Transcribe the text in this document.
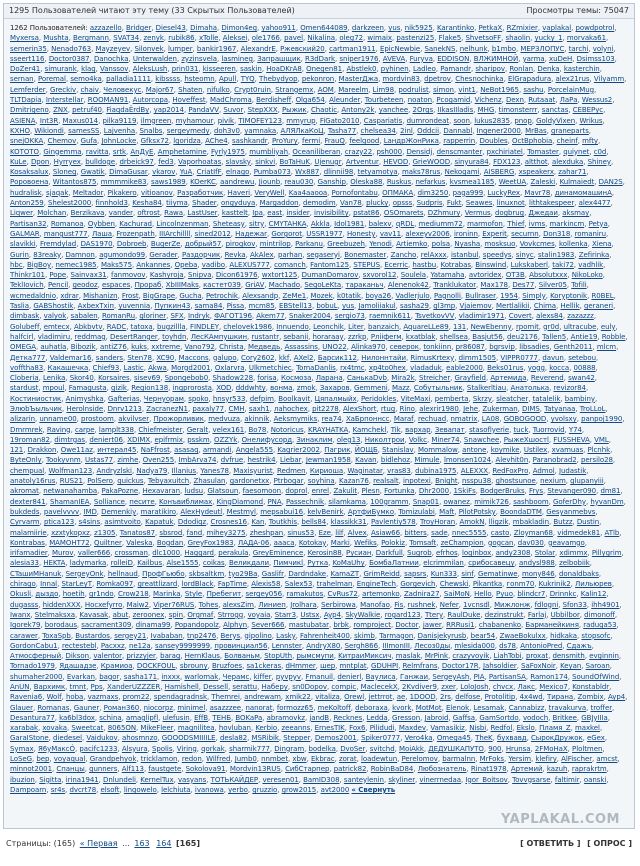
1295 Пользователей читают эту тему (33 Скрытых Пользователей)	Просмотры темы: 75047
1262 Пользователей: azzazello, Bridger, Diesel43, Dimaha, Dimon4eg, yahoo911, Omen644089, darkzeen, yus, nik5925, Karantinko, PetkaX, RZmixier, vaplakal, powdpotrol, Myxersa, Mushta, Bergmann, SVAT34, zenyk, rubik86, xTolle, Aleksei, ole1766, pavel, Nikalina, oleg72, wimaix, pastenzi25, Flake5, ShvetsoFF, shaolin, yucky_1, morvaka61, semerin35, Nenado763, Mayzeyev, Silonvek, lumper, bankir1967, AlexandrE, Pжевский20, cartman1911, EpicNewbie, SanekNS, nelhunk, b1mbo, MEPЗЛОПУС, tarchi, volyni, sseert116, Doctor0387, Danochka, Unterwalden, zyzinsvela, lasmineg, Запрашщик, R3dDark, sniper1976, AVEVA, Furyva, EDDISON, ВЛЖИМНОЙ, yarma, xuDeH, Dsimss103, DoZer41, simurank, klag, Vanssov, AleksLush, prin031, kisseeren, saskin, HoaDKrA8, Onegen81, Abstlek0, pyhinen, Ladleo, Pamandr, sharipov, Ronlan, Denka, kasterchin, sernan, Poremal, semo4ka, palladia1111, kibssss, hsteomn, Apull, TYQ, Thebydyop, pekonron, MasterДжa, mordvin83, dpetrov, Chesnochinka, ElGrapadura, alex21rus, Vilyamm, Lemferder, Greckiv, chaiv, Человекус, Major67, Shaten, nifulko, Crypt0ruin, Strangemx, AOM, Mareelm, Lim98, podrulist, simon, vint1, NeBot1965, sashu, PorcelainMug, TLTDaрia, Interstellar, ROOMAN91, Autorcopa, Hoveffest, MadChroma, Berdisheff, Olga654, Aleunder, Tourbeteen, noaton, Pcogamid, Vichenz, Dexn, Rutaaat, ЛаРа, Wessus2, Dmitrigeno, ZNX, petruf40, FiaqdaЁrdBy, yap2014, PandaVV, Suvor, StepXXX, Pыжик, Chaotic, Antony2k, yanchee, 2Orgs, IIkasIIladis, MHG, timonsterrr, sanctas, CEBEPyc, ASIENA, Int3R, Maxus014, pilka9119, ilmgreen, myhamour, pivik, TIMOFEY123, mmyrup, FiGato2010, Caspariatis, dumrondeat, soon, lukus2835, pnop, GoldyVixen, Wrikus, KXHO, Wikiondi, samesSS, Lajvenha, Snalbs, sergeymedy, doh3v0, yamnaka, АЛЯЛкаКоЦ, Tasha77, chelsea34, 2inl, Oddcii, Dannabl, Ingener2000, MrBas, graneparts, snejOKKA, Chemov, Gufa, JohnLocke, Gfksx72, lgoridza, AChe4, sashkandr, ProYury, fermi, FrauQ, feelgood, LандрЖонРика, rapperrin, Doubles, OctBphobia, cheinf, mfty, KOTOTO, Gingemma, ravitta, srtk, AnДуЕ, Amphetamine, Fyrly1975, mumbliyah, Oceaniliberan, crazy22, psh000, Densidj, denscmanter, pxchiriatel, Tomaster, quiynet, c0d, KuLe, Dpon, Hyrryex, bulldoge, drbeick97, fed3, Vaporhoatas, slavsky, sinkvi, BoTaHuK, Ujenugr, Artventur, HEVOD, GrieWOOD, sinyura84, FDX123, altthot, alexduka, Shiney, Kosaksalux, Sloneg, Gwatik, DimaGusar, vkarov, YuA, CriatIfF, elnago, Pumba073, Wx887, dlinnii98, tetyamotya, maks78rus, Nekogami, AISBERG, xspeakerx, zahar71, Pоровоена, Witantos875, mmmmike83, saws1989, KOerKC, aandrewu, Jiounb, reau030, Ganship, Oleska88, Ruskus, nefarkus, kvsmea1185, WeetUA, Zaleski, Kulmaiedt, DAN2S, hudralisk, sjaqak, Meltador, Pikakero, vitioanov, Разработчик, Haveri, VeryWell, Kaa4aaooa, Pornofontabu, ОПМАКА, dim3250, paga999, LuckyRex, Mavr78, динамомашинА, Anton259, Shelest2000, finnhold3, Kesha84, tiiyma, Shader, ongyduya, Margaddon, demodim, Van78, plucky, opsss, Sudpris, Fukt, Seawes, linuxnot, lithtakespeer, alex4477, Liqwer, Molchan, Berzikava, vander, oftrost, Rawa, LastUser, kasttelt, Ipa, east, insider, invisibility, pstat86, OSOmarets, DZhmury, Vermus, dogbrug, Джедаи, aksmay, Partisan32, Romanoa, Oybben, Kachurad, Lincolnzenman, Sheteasy, sitry, CMYTAHKA, Akkla, Idol1981, balexv, qRDL, mediumm72, marmofon, Thief, ivms, markincm, Petya, GALMAR, mangust777, Лаша, Frozenpath, IIIArchillll, sined2012, Haдежаr, Gorgorot, USSR1977, Honesty, vav11, alexeyv2006, ironinn, Experit, securnn, Don318, romaniru, slavikki, Fremdylad, DAS1970, Dobroeb, BugerZe, добрый57, pirogkov, mintrilop, Parkanu, Greebuzeh, Yenodi, Artiemko, polsa, Nyasha, mosksuo, Vovkcmes, kollenka, Xiena, Gurin, 83reaky, Damnon, agumondo99, Gerader, Раздорчик, Revka, AkAlex, parhan, segaseryi, Bonemaster, Zancho, relAxxx, istanbul, speedys, sinyc, stalin1983, Zefirinka, hbc, BigBoy, nemec1985, Maks575, Ankannes, Opeba, vadibo, ALEXUS777, comanch, Fantom125, STEPUS, Ecerric, hastbu, Kotrabas, Binswind, Lukskaberl, taki72, vadhlik, Thinkr101, Pope, Sainvax31, fanmovov, Kashyroja, Snipva, Dicon61976, wxtort125, DumanDomarov, sxvorol12, Soulela, Yatamaha, avtoridex, OT3B, Absolutxxx, NikoLoko, TeklIovich, Pencil, geodoz, espaces, Прораб, XbIIIMaks, кастет039, GriAV, Machado, SegoLeKta, тараканьч, Alenenok42, Tranklukator, Max178, Des77, Silver05, Tofili, wcmedaldnio, xdrar, Mishanizn, Frost, BigGrape, Gucha, Petrochik, Alexsandp, ZeMe1, Mozek, k0tatik, boya26, Vadlerjulo, Pagnolli, Bullraser, 1954, Simply, Koryptonik, R0BEL, Taslia, GABShostik, АхbехТхіп, yuvennia, Пупкин43, sama84, Pissa, mcm85, EBStell13, bobuL, yus, Jamoliiakul, sasha29, gl3mp, Vjaiemov, Mertlalikii, Chima, Hellik, geraneri, dimbask, valyok, sabalen, RomanRu, gloriner, SFX, Indryk, ФАГОТ196, Akem77, Snaker2004, sergio73, raemnik611, TsvetkovVV, vladimir1971, Covert, alexs84, zazazzz, Golubeff, emtecx, Abkbvtv, RADC, tatoxa, bugzillla, FINDLEY, chelovek1986, Innuendo, Leonchik, Liter, banzaich, AquareLLe89, 131, NewEbenny, rpomit, gr0d, ultracube, euly, halfcirl, vladimiru, reddmag, DesertRanger, toyhdn, ЛесКАмпушкин, rustantr, sebanii, horaraay, zzrkp, Pлiiфеrм, kxatblak, shellsea, Basjut56, deu2176, Tallen5, Antie19, Robble, OMEGA, auhatla, Bibozik, antiZ76, kuks, xxtreme, Vano792, Christa, Медвeдь, Assassins, UNO22, Alinka970, северок, tonkiinn, pr86087, bgrsvip, libsadies, Genth2011, mlcm, Детка777, Valdemar16, sanders, Sten78, XC90, Maccons, galupo, Cory2602, kkf, AXel2, Барсик112, Нилоннтайи, RimusKrtexy, dimm1505, VIPPR0777, davun, setebou, vofftha83, Какашечка, Chief93, Lastic, Akwa, Morgd2001, Oxlarvra, Ulkmetchiec, TomaDanlis, rx4tmc, xp4to0hex, vladaduk, eable2000, Beks01rus, yogg, kocca, 00888, Cloberia, Lenika, Skor40, Korsaires, sisev69, Spongebob0, Shadow228, forisa, Космоза, Ларана, СанькаDvb, Mira2k, Streicher, Grayfield, Артемида, Reverend, swan42, stardust, mpoul, Famagusta, gizik, Region138, ingprorosta, XOD, dddwhty, вонма, zmok, Захаров, Gemmeni, Mazz, Собутыльник, Stalkerltiau, Анатолька, revizor84, Костиниостик, Animyshka, Gafterias, Чернуорам, spoko, hnsyr533, defpim, Boolkavit, Цяпалмыйх, Peridokles, ViteMaxi, pemberta, Skrzy, sleatcher, tatalelik, bambiny, ЭлюbЪыльчик, Herolnside, Dnrv1213, ZacranezN1, paxaly77, CMH, saxh1, лahochex, pit2278, AlexShort, rtug, Rino, alexrir1980, Jehe, Zukerman, DIMS, Tatyanaa, TroLLoL, alizarin, unname00, prostoom, akvilvser, Прожорливик, medvuza, akinnik, Aeksmymiks, rea74, ХаБрпоннсс, Maraf, rechuad, nmatrix, LA08, GOBOGOOD, yvolsxy, panpoj1990, Dmrmrek, Raving, carpe, lamplt338, Chiefmeister, Geralt, velex161, Bo78, Notoricus, KRAYHATKA, Kamchekl, Tik, вархар, Зевапат, stasoflyerie, tuck, Tuorrovid, Y74, 19roman82, dimtrgas, deniert06, XDIMX, epifrmix, psskm, OZZYk, Онелифусорд, Зинаклим, oleg13, Николтрои, Volkc, Miner74, Snawchee, РыжеХшостl, FUSSHEVA, VML, 121, Drakkon, Owe11az, интерал45, NaFfrost, asasaq, armandi, Angela555, Kagrier2002, Пагрик, ЙОЩБ, Stanislav, Mommalow, antone, koymike, Ustilex, xvamuas, Plcnhk, ByteOnly, Tookyvnm, Ustas77, zimhe, Oven255, ImbArva74, dvfrue, hestrik4, Liebar, Jewman1958, Kavan, bidlehoz, Mimule, lmonsen1024, Alevhit0n, Paranobrad2, persilo28, chempual, Wolfman123, Andryzlski, Nadya79, Illanius, Yanes78, Maxisyurist, Redmen, Кириоша, Waginatar, vras83, dubina1975, ALEXXX, RedFoxPro, Admol, Judastik, anatoly16rus, RUS21, PolSero, quickus, Tebyaxuitch, Zhasulan, gardonetxx, Ptrbogar, soyhina, Kazan76, realsalt, inpotexi, Bnight, nsspu38, ghostsunoe, nexium, glupanyiii, akromat, netwanahamba, PakaPozne, Hexavaran, ludsu, Glatsoun, faesomoon, doprol, enrel, Zakulit, Plesn, Fortunka, Dhr2000, 1SkiFs, BodgerBruks, Frys, Stevanger090, dm81, dexter841, ShamanIEA, Solliance, песите, Koнъвиблимах, KingDiamond, PNA, Passechnik, silamkama, 100gramm, Snap01, owanez, mimik726, sashboom, GoferDhy, hyvanDm, bukdeds, pavelvvvv, IMD, Demenkiy, maratikiro, AlexHydeutl, Mestmyl, mepsabui16, kelvBenirk, АртфиБумко, Tomizulabi, Maft, PilotPotsky, BoondaDTM, Gesyanmebvs, Cyrvarm, ptica123, s4sins, asimtvoito, Kapatuk, Ddodiqz, Crosnes16, Kan, Toutkhis, bells84, klassikk31, Pavlentiy578, TroyHoran, AmokN, lligzik, mbakladin, Butzz, Dustin, malamiirie, xzxtykopxz, z1305, Tanatos87, sbsrod, fand, mihey3275, zheshpan, sinus53, Eze, lilf, Alvex, Asiaw66, bitters, sade, nnec5555, casto, Zloyman68, vidmedek81, ATlb, Kontrabas, MAMOHT72, Quiltner, Valeska, Bogdan, GreyFox1983, ЛАДА-06, aaaca, Kotokay, Marki, Wefiks, Polokiz, Tomsaft, zeChampion, gogcan, dav030, geavamgo, irifamadier, Murov, valler666, crossman, dlc1000, Haggard, perakula, GreyEminence, Kerosin88, Русиан, Darkfull, Sugrob, efrhos, loginbox, andy2308, Stolar, xdimmx, Pillygrim, alesia33, HEKTA, ladymarka, rolleiD, Kailbus, Alse1555, coikas, Великдали, Пимчикl, Pyтка, KoMaUhy, БомбаЛатнии, elcrimmilan, срибосавецу, andysl988, zelbobiik, CTaшиMHanuk, SergeyOnk, hellnaud, ПрофГьюбо, skbsaltkm, tyo29Ba, Gaslifr, Dardndake, KamaZT, GrimReidd, sapsrs, Kun333, sinf, Gematinwe, mony846, donaldbaks, chirago, Innal, StarLeyT, Romka097, greattlizard, lordBlack, FapTime, Alexis58, Salex53, trahelman, EngineTech, Gorgevich, Chewski, Pikantka, гоnm70, Kukrinik2, Лильюрев, Okusli, дыздо, hoetih, gr1ndo, Crow218, Marinka, Style, Пpебегит, sergey056, ramakutos, CvRus72, artemonko, Zadnira27, SaiMoN, Hello, Pyuo, blindcr7, Drinnkc, Kalin12, dugasss, hiddenXXX, Hocxefyrro, Maiw2, Viper76RUS, Tohes, alexsZim, Линиеп, Jrolhara, Serbirowa, Manofao, Fis, rushnek, Nefer, 1vcnsdl, Мижлонж, fdlogni, Sfon33, ihh4901, Iwanx, Stelmaksxa, Kavasak, abut, zeroonex, spin, Orgmaf, Strrogg, voyaia, Starr3, Ustsx, Ayp4, SkyWalkie, rogard123, Ttery, RaulDuke, dezinstrukt, Farlaj, Ubbilbor, dimonoff, Igorek79, borodaus, sacrament309, dinama99, Popandopolz, Alphyn, Sever666, mastubatar, brbk, romproject, Doctor, jawer, RRRusi1, chabanenko, Барманейкиня, raduga53, carawer, ToxaSpb, Bustardos, sergey21, Ivababan, tnp2476, Berys, gipolino, Lasky, Fahrenheit400, skimb, Tarmagon, Danisjekyrusb, bear54, ZwaeBokulxx, hidkaka, stopsofc, GordonCabu1, rectestebl, Pacxxz, ne12a, sansey9999999, провинциал56, Lennster, AndryX80, Sergh866, IIImonIII, Лесоз0ды, mlesida000, ds78, AntonioPred, Сдажъ, Атмосферный, Dikson, valentor, prizzyjer, barag, HernKlaus, Болваньм, StopUth, рымсмyпи, KитраиМиксич, maslak, MrPink, crazyvoyik, LiahTobi, proxat, densmith, evginnin, Tornado1979, Ядашадзе, Крамиоа, DOCKFOUL, sbrouny, Bruzfoes, sa1ckeras, dHmmer, шер, mntplat, GDUHPI, Relmfrans, Doctor17R, Jahsoldier, SaFoxNoir, Keyan, Saroan, shumaher2000, Evarkan, bagor, sasha171, inxxx, warlomak, Черамс, kiffer, pyvpyv, Fmanuil, denierl, Ваулиса, Ганжаи, SergeyAsh, PIA, PartisanSA, Ramon174, SoundOfWind, AnUN, Bapхимк, tmnt, Pps, XanderUZZZER, Hamishell, Dessell, serattu, Наберу, sn0Dopov, compic, MaclecekX, 2Kvdiver9, zxer, LoloJosh, chvcx, Лакс, Mexico7, Konstabldr, Ravenia6, Wolf, hoba, vazmaxs, prom22, spendagradnsk, Themrei, andrewam, xmik22, vitaliza, Orewl, jettrrot, ae, 1DOOD, 2rs, delfose, Protolitip, 4x4wd, Тирана, Zombix, Ayp4, Glauer, Romanas, Gauner, Роман360, niocorpz, minimel, asazzzee, nanorat, formozz65, meKoltoff, deboraxa, kvork, MotMot, Elenok, Lesamak, Cannabizz, travakurva, troffer, Desantura77, ka6bl3dox, schina, amaglipfl, ulefusin, EffB, TEHБ, BOKaPa, abramovkz, jandB, Recknes, Ledda, Gresson, Jabroid, Gaffsa, GamSortdo, vodoch, Britkee, GBJyIIIa, xarabak, xovaka, Sweetcat, 8065ON, MikeFleer, magnilitea, hovluban, Kerbio, zeeanns, ErnesTIK, Fox6, Pilidudi, Maxdev, Vamasikiz, Nisbi, Redfol, Ekslo, Пламя_Z, maxkel, GaraIStone, diedesel, Vaidukov, ahosmnzo, GOOODSMIIIILE, desla82, MSRibik, Stepper, Demos2001, Spiker0777, Vero4ka, Omega45, TheK, бухвавд, СырокДружок, eGex, Symax, Я6уМаксÓ, pacifc1233, Alsyura, Spolis, Viring, qorkak, sharmik777, Dingram, bodelka, DvoSer, svitchd, MoiAkk, ДЕДУШКАПУТО, 900, Hrunsa, 2FMoHaX, Ploltmen, LoSeG, bep, voyaqual, Grandpehyok, tricklamon, redon, Wilfred, Jumb0, nnmbet, xbw, Ekbrac, zorat, loadewtun, Perelomov, barmalnn, MrFoks, Yersim, klefiry, AlFischer, amcst, minnot2001, Спанцы, gunners, Alf113, faustgete, Sokolova91, Mordvin13RUS, СибСтарпер, patrick82, RobinBaD84, Любознатель, Rinat1978, Артемий, kazuh, raprakrtm, ibuzion, Sigitta, irina1941, Dnlundeli, KernelTux, vasyans, ТОТЬКАЙДЕР, veresen01, BamID308, santeylenin, skyliner, vinerrnedaa, Igor_Boitsov, Tovvgsarse, faltimir, oanski, Dampoarn, sr4s, dvcrt78, elsoft, lingowelo, lelchiuta, ivanowa, yerbo, gruzzio, grow2015, avt2000 « Свернуть
YAPLAKAL.COM
Страницы: (165) « Первая ... 163 164 [165]	[ ОТВЕТИТЬ ] [ ОПРОС ]
